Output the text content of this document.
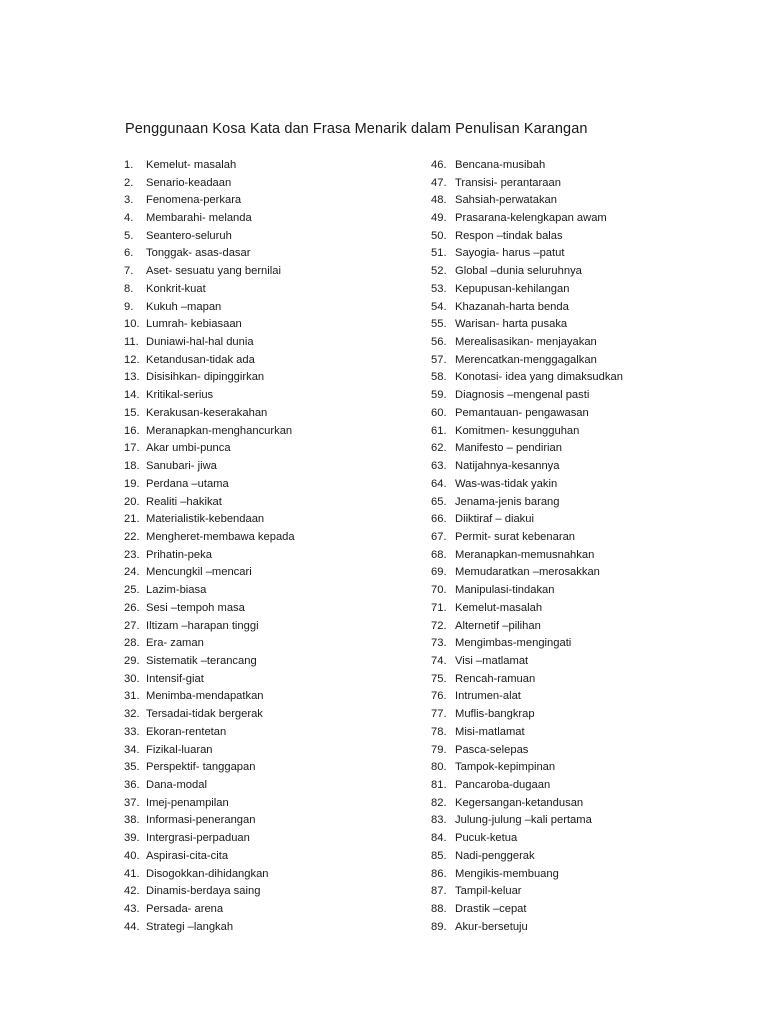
Penggunaan Kosa Kata dan Frasa Menarik dalam Penulisan Karangan
1.	Kemelut- masalah
2.	Senario-keadaan
3.	Fenomena-perkara
4.	Membarahi- melanda
5.	Seantero-seluruh
6.	Tonggak- asas-dasar
7.	Aset- sesuatu yang bernilai
8.	Konkrit-kuat
9.	Kukuh –mapan
10. Lumrah- kebiasaan
11. Duniawi-hal-hal dunia
12. Ketandusan-tidak ada
13. Disisihkan- dipinggirkan
14. Kritikal-serius
15. Kerakusan-keserakahan
16. Meranapkan-menghancurkan
17. Akar umbi-punca
18. Sanubari- jiwa
19. Perdana –utama
20. Realiti –hakikat
21. Materialistik-kebendaan
22. Mengheret-membawa kepada
23. Prihatin-peka
24. Mencungkil –mencari
25. Lazim-biasa
26. Sesi –tempoh masa
27. Iltizam –harapan tinggi
28. Era- zaman
29. Sistematik –terancang
30. Intensif-giat
31. Menimba-mendapatkan
32. Tersadai-tidak bergerak
33. Ekoran-rentetan
34. Fizikal-luaran
35. Perspektif- tanggapan
36. Dana-modal
37. Imej-penampilan
38. Informasi-penerangan
39. Intergrasi-perpaduan
40. Aspirasi-cita-cita
41. Disogokkan-dihidangkan
42. Dinamis-berdaya saing
43. Persada- arena
44. Strategi –langkah
46. Bencana-musibah
47. Transisi- perantaraan
48. Sahsiah-perwatakan
49. Prasarana-kelengkapan awam
50. Respon –tindak balas
51. Sayogia- harus –patut
52. Global –dunia seluruhnya
53. Kepupusan-kehilangan
54. Khazanah-harta benda
55. Warisan- harta pusaka
56. Merealisasikan- menjayakan
57. Merencatkan-menggagalkan
58. Konotasi- idea yang dimaksudkan
59. Diagnosis –mengenal pasti
60. Pemantauan- pengawasan
61. Komitmen- kesungguhan
62. Manifesto – pendirian
63. Natijahnya-kesannya
64. Was-was-tidak yakin
65. Jenama-jenis barang
66. Diiktiraf – diakui
67. Permit- surat kebenaran
68. Meranapkan-memusnahkan
69. Memudaratkan –merosakkan
70. Manipulasi-tindakan
71. Kemelut-masalah
72. Alternetif –pilihan
73. Mengimbas-mengingati
74. Visi –matlamat
75. Rencah-ramuan
76. Intrumen-alat
77. Muflis-bangkrap
78. Misi-matlamat
79. Pasca-selepas
80. Tampok-kepimpinan
81. Pancaroba-dugaan
82. Kegersangan-ketandusan
83. Julung-julung –kali pertama
84. Pucuk-ketua
85. Nadi-penggerak
86. Mengikis-membuang
87. Tampil-keluar
88. Drastik –cepat
89. Akur-bersetuju
